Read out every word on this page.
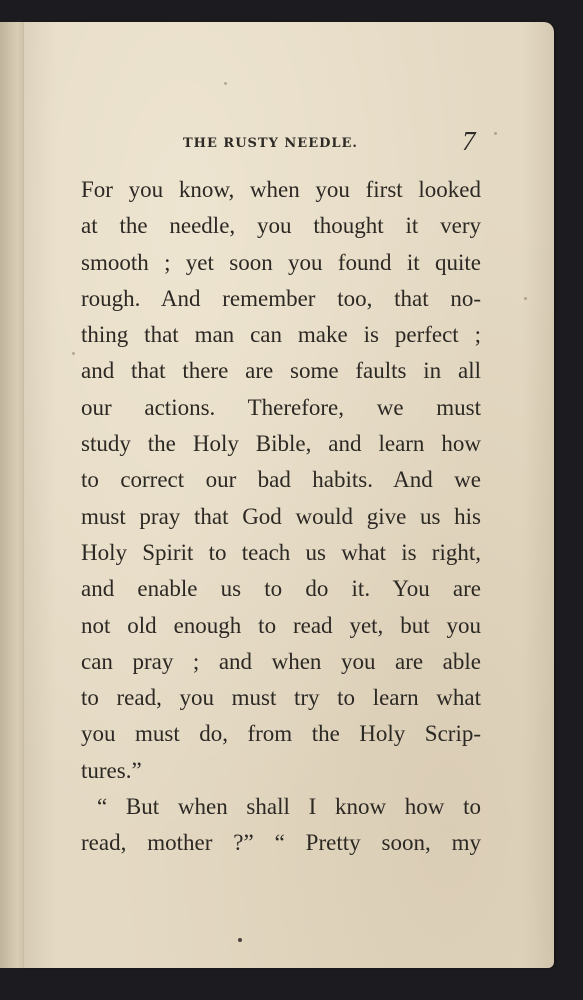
THE RUSTY NEEDLE.	7
For you know, when you first looked
at the needle, you thought it very
smooth ; yet soon you found it quite
rough. And remember too, that no-
thing that man can make is perfect ;
and that there are some faults in all
our actions. Therefore, we must
study the Holy Bible, and learn how
to correct our bad habits. And we
must pray that God would give us his
Holy Spirit to teach us what is right,
and enable us to do it. You are
not old enough to read yet, but you
can pray ; and when you are able
to read, you must try to learn what
you must do, from the Holy Scrip-
tures.”
“ But when shall I know how to
read, mother ?” “ Pretty soon, my
